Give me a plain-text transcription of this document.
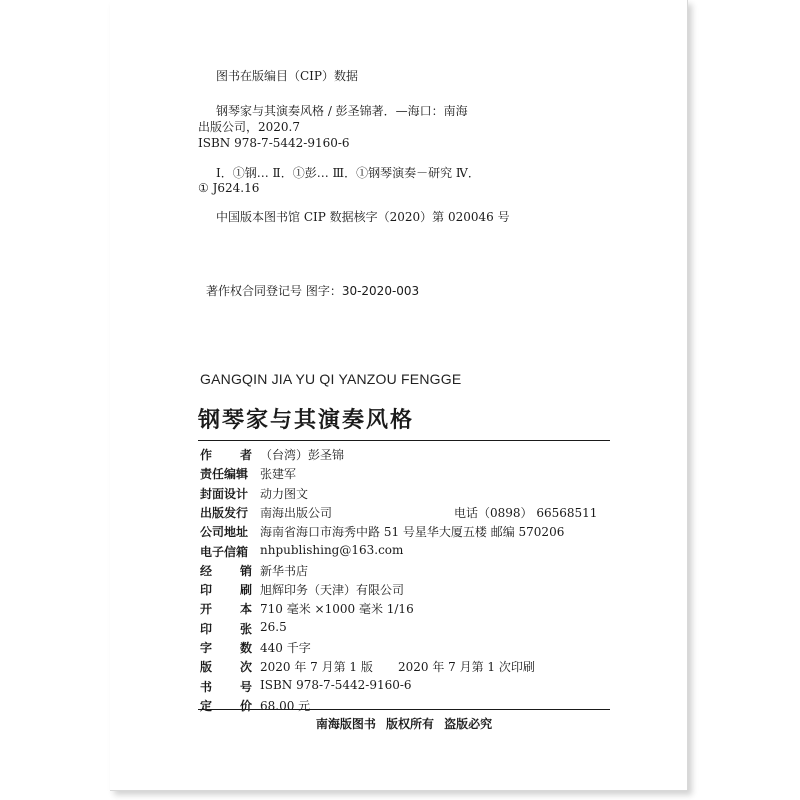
图书在版编目（CIP）数据
钢琴家与其演奏风格 / 彭圣锦著．—海口：南海
出版公司，2020.7
ISBN 978-7-5442-9160-6
Ⅰ．①钢… Ⅱ．①彭… Ⅲ．①钢琴演奏－研究 Ⅳ．
① J624.16
中国版本图书馆 CIP 数据核字（2020）第 020046 号
著作权合同登记号 图字：30-2020-003
GANGQIN JIA YU QI YANZOU FENGGE
钢琴家与其演奏风格
作 者 （台湾）彭圣锦
责任编辑 张建军
封面设计 动力图文
出版发行 南海出版公司	电话（0898） 66568511
公司地址 海南省海口市海秀中路 51 号星华大厦五楼 邮编 570206
电子信箱 nhpublishing@163.com
经 销 新华书店
印 刷 旭辉印务（天津）有限公司
开 本 710 毫米 ×1000 毫米 1/16
印 张 26.5
字 数 440 千字
版 次 2020 年 7 月第 1 版 2020 年 7 月第 1 次印刷
书 号 ISBN 978-7-5442-9160-6
定 价 68.00 元
南海版图书 版权所有 盗版必究
